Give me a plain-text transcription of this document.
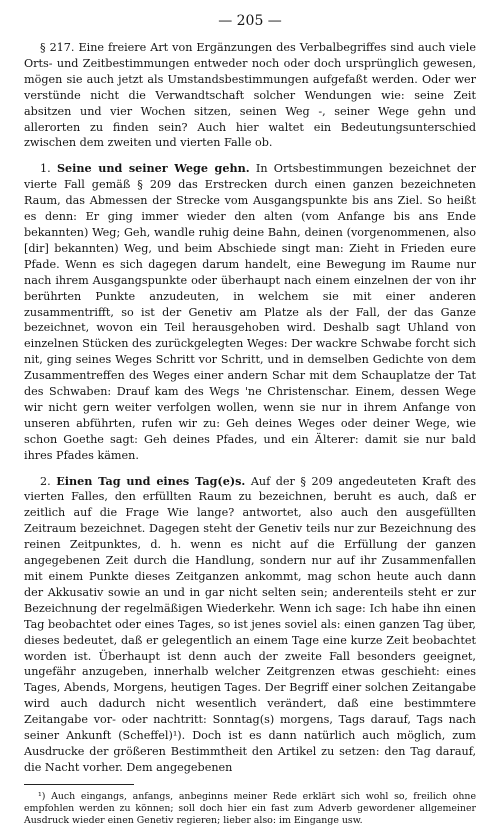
— 205 —

§ 217. Eine freiere Art von Ergänzungen des Verbalbegriffes sind auch viele Orts- und Zeitbestimmungen entweder noch oder doch ursprünglich gewesen, mögen sie auch jetzt als Umstandsbestimmungen aufgefaßt werden. Oder wer verstünde nicht die Verwandtschaft solcher Wendungen wie: seine Zeit absitzen und vier Wochen sitzen, seinen Weg -, seiner Wege gehn und allerorten zu finden sein? Auch hier waltet ein Bedeutungsunterschied zwischen dem zweiten und vierten Falle ob.

1. Seine und seiner Wege gehn. In Ortsbestimmungen bezeichnet der vierte Fall gemäß § 209 das Erstrecken durch einen ganzen bezeichneten Raum, das Abmessen der Strecke vom Ausgangspunkte bis ans Ziel. So heißt es denn: Er ging immer wieder den alten (vom Anfange bis ans Ende bekannten) Weg; Geh, wandle ruhig deine Bahn, deinen (vorgenommenen, also [dir] bekannten) Weg, und beim Abschiede singt man: Zieht in Frieden eure Pfade. Wenn es sich dagegen darum handelt, eine Bewegung im Raume nur nach ihrem Ausgangspunkte oder überhaupt nach einem einzelnen der von ihr berührten Punkte anzudeuten, in welchem sie mit einer anderen zusammentrifft, so ist der Genetiv am Platze als der Fall, der das Ganze bezeichnet, wovon ein Teil herausgehoben wird. Deshalb sagt Uhland von einzelnen Stücken des zurückgelegten Weges: Der wackre Schwabe forcht sich nit, ging seines Weges Schritt vor Schritt, und in demselben Gedichte von dem Zusammentreffen des Weges einer andern Schar mit dem Schauplatze der Tat des Schwaben: Drauf kam des Wegs 'ne Christenschar. Einem, dessen Wege wir nicht gern weiter verfolgen wollen, wenn sie nur in ihrem Anfange von unseren abführten, rufen wir zu: Geh deines Weges oder deiner Wege, wie schon Goethe sagt: Geh deines Pfades, und ein Älterer: damit sie nur bald ihres Pfades kämen.

2. Einen Tag und eines Tag(e)s. Auf der § 209 angedeuteten Kraft des vierten Falles, den erfüllten Raum zu bezeichnen, beruht es auch, daß er zeitlich auf die Frage Wie lange? antwortet, also auch den ausgefüllten Zeitraum bezeichnet. Dagegen steht der Genetiv teils nur zur Bezeichnung des reinen Zeitpunktes, d. h. wenn es nicht auf die Erfüllung der ganzen angegebenen Zeit durch die Handlung, sondern nur auf ihr Zusammenfallen mit einem Punkte dieses Zeitganzen ankommt, mag schon heute auch dann der Akkusativ sowie an und in gar nicht selten sein; anderenteils steht er zur Bezeichnung der regelmäßigen Wiederkehr. Wenn ich sage: Ich habe ihn einen Tag beobachtet oder eines Tages, so ist jenes soviel als: einen ganzen Tag über, dieses bedeutet, daß er gelegentlich an einem Tage eine kurze Zeit beobachtet worden ist. Überhaupt ist denn auch der zweite Fall besonders geeignet, ungefähr anzugeben, innerhalb welcher Zeitgrenzen etwas geschieht: eines Tages, Abends, Morgens, heutigen Tages. Der Begriff einer solchen Zeitangabe wird auch dadurch nicht wesentlich verändert, daß eine bestimmtere Zeitangabe vor- oder nachtritt: Sonntag(s) morgens, Tags darauf, Tags nach seiner Ankunft (Scheffel)¹). Doch ist es dann natürlich auch möglich, zum Ausdrucke der größeren Bestimmtheit den Artikel zu setzen: den Tag darauf, die Nacht vorher. Dem angegebenen

¹) Auch eingangs, anfangs, anbeginns meiner Rede erklärt sich wohl so, freilich ohne empfohlen werden zu können; soll doch hier ein fast zum Adverb gewordener allgemeiner Ausdruck wieder einen Genetiv regieren; lieber also: im Eingange usw.
